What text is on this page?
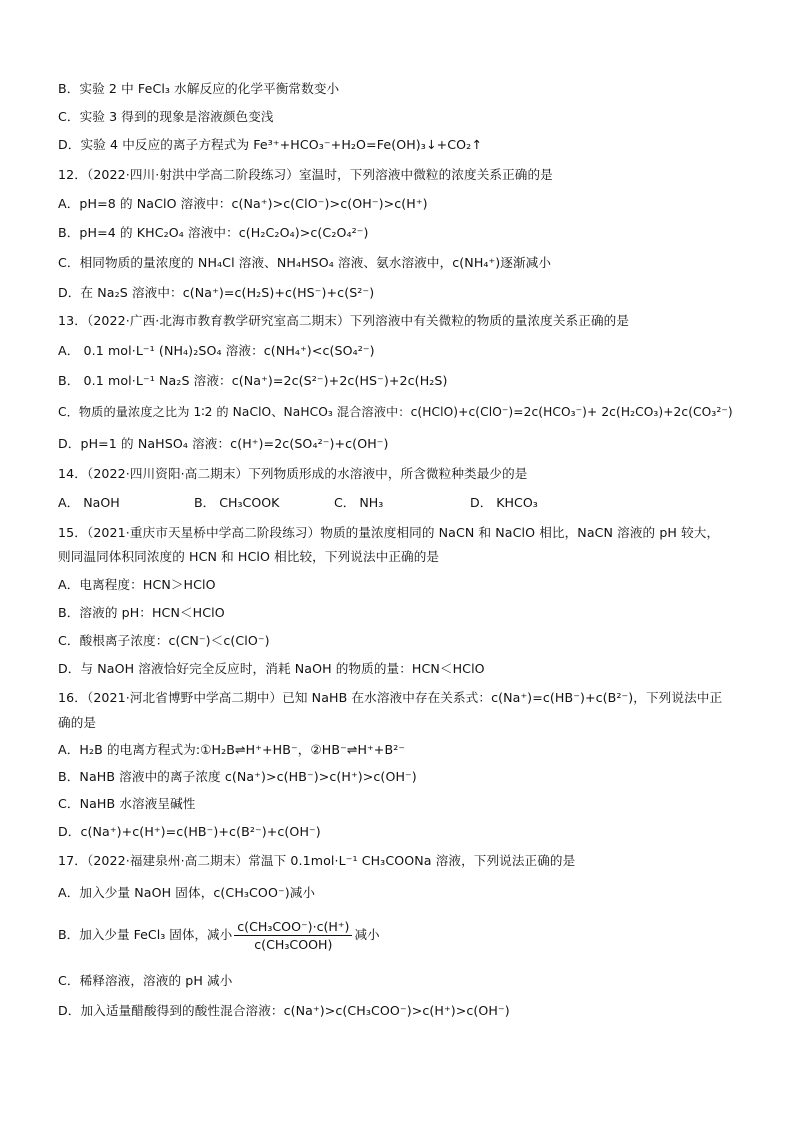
B．实验 2 中 FeCl₃ 水解反应的化学平衡常数变小
C．实验 3 得到的现象是溶液颜色变浅
D．实验 4 中反应的离子方程式为 Fe³⁺+HCO₃⁻+H₂O=Fe(OH)₃↓+CO₂↑
12．（2022·四川·射洪中学高二阶段练习）室温时，下列溶液中微粒的浓度关系正确的是
A．pH=8 的 NaClO 溶液中：c(Na⁺)>c(ClO⁻)>c(OH⁻)>c(H⁺)
B．pH=4 的 KHC₂O₄ 溶液中：c(H₂C₂O₄)>c(C₂O₄²⁻)
C．相同物质的量浓度的 NH₄Cl 溶液、NH₄HSO₄ 溶液、氨水溶液中，c(NH₄⁺)逐渐减小
D．在 Na₂S 溶液中：c(Na⁺)=c(H₂S)+c(HS⁻)+c(S²⁻)
13．（2022·广西·北海市教育教学研究室高二期末）下列溶液中有关微粒的物质的量浓度关系正确的是
A． 0.1 mol·L⁻¹ (NH₄)₂SO₄ 溶液：c(NH₄⁺)<c(SO₄²⁻)
B． 0.1 mol·L⁻¹ Na₂S 溶液：c(Na⁺)=2c(S²⁻)+2c(HS⁻)+2c(H₂S)
C．物质的量浓度之比为 1∶2 的 NaClO、NaHCO₃ 混合溶液中：c(HClO)+c(ClO⁻)=2c(HCO₃⁻)+ 2c(H₂CO₃)+2c(CO₃²⁻)
D．pH=1 的 NaHSO₄ 溶液：c(H⁺)=2c(SO₄²⁻)+c(OH⁻)
14．（2022·四川资阳·高二期末）下列物质形成的水溶液中，所含微粒种类最少的是
A． NaOH	B． CH₃COOK	C． NH₃	D． KHCO₃
15．（2021·重庆市天星桥中学高二阶段练习）物质的量浓度相同的 NaCN 和 NaClO 相比，NaCN 溶液的 pH 较大，
则同温同体积同浓度的 HCN 和 HClO 相比较，下列说法中正确的是
A．电离程度：HCN＞HClO
B．溶液的 pH：HCN＜HClO
C．酸根离子浓度：c(CN⁻)＜c(ClO⁻)
D．与 NaOH 溶液恰好完全反应时，消耗 NaOH 的物质的量：HCN＜HClO
16．（2021·河北省博野中学高二期中）已知 NaHB 在水溶液中存在关系式：c(Na⁺)=c(HB⁻)+c(B²⁻)，下列说法中正
确的是
A．H₂B 的电离方程式为:①H₂B⇌H⁺+HB⁻，②HB⁻⇌H⁺+B²⁻
B．NaHB 溶液中的离子浓度 c(Na⁺)>c(HB⁻)>c(H⁺)>c(OH⁻)
C．NaHB 水溶液呈碱性
D．c(Na⁺)+c(H⁺)=c(HB⁻)+c(B²⁻)+c(OH⁻)
17．（2022·福建泉州·高二期末）常温下 0.1mol·L⁻¹ CH₃COONa 溶液，下列说法正确的是
A．加入少量 NaOH 固体，c(CH₃COO⁻)减小
B．加入少量 FeCl₃ 固体，减小 $\frac{\text{c(CH₃COO⁻)·c(H⁺)}}{\text{c(CH₃COOH)}}$ 减小
C．稀释溶液，溶液的 pH 减小
D．加入适量醋酸得到的酸性混合溶液：c(Na⁺)>c(CH₃COO⁻)>c(H⁺)>c(OH⁻)
